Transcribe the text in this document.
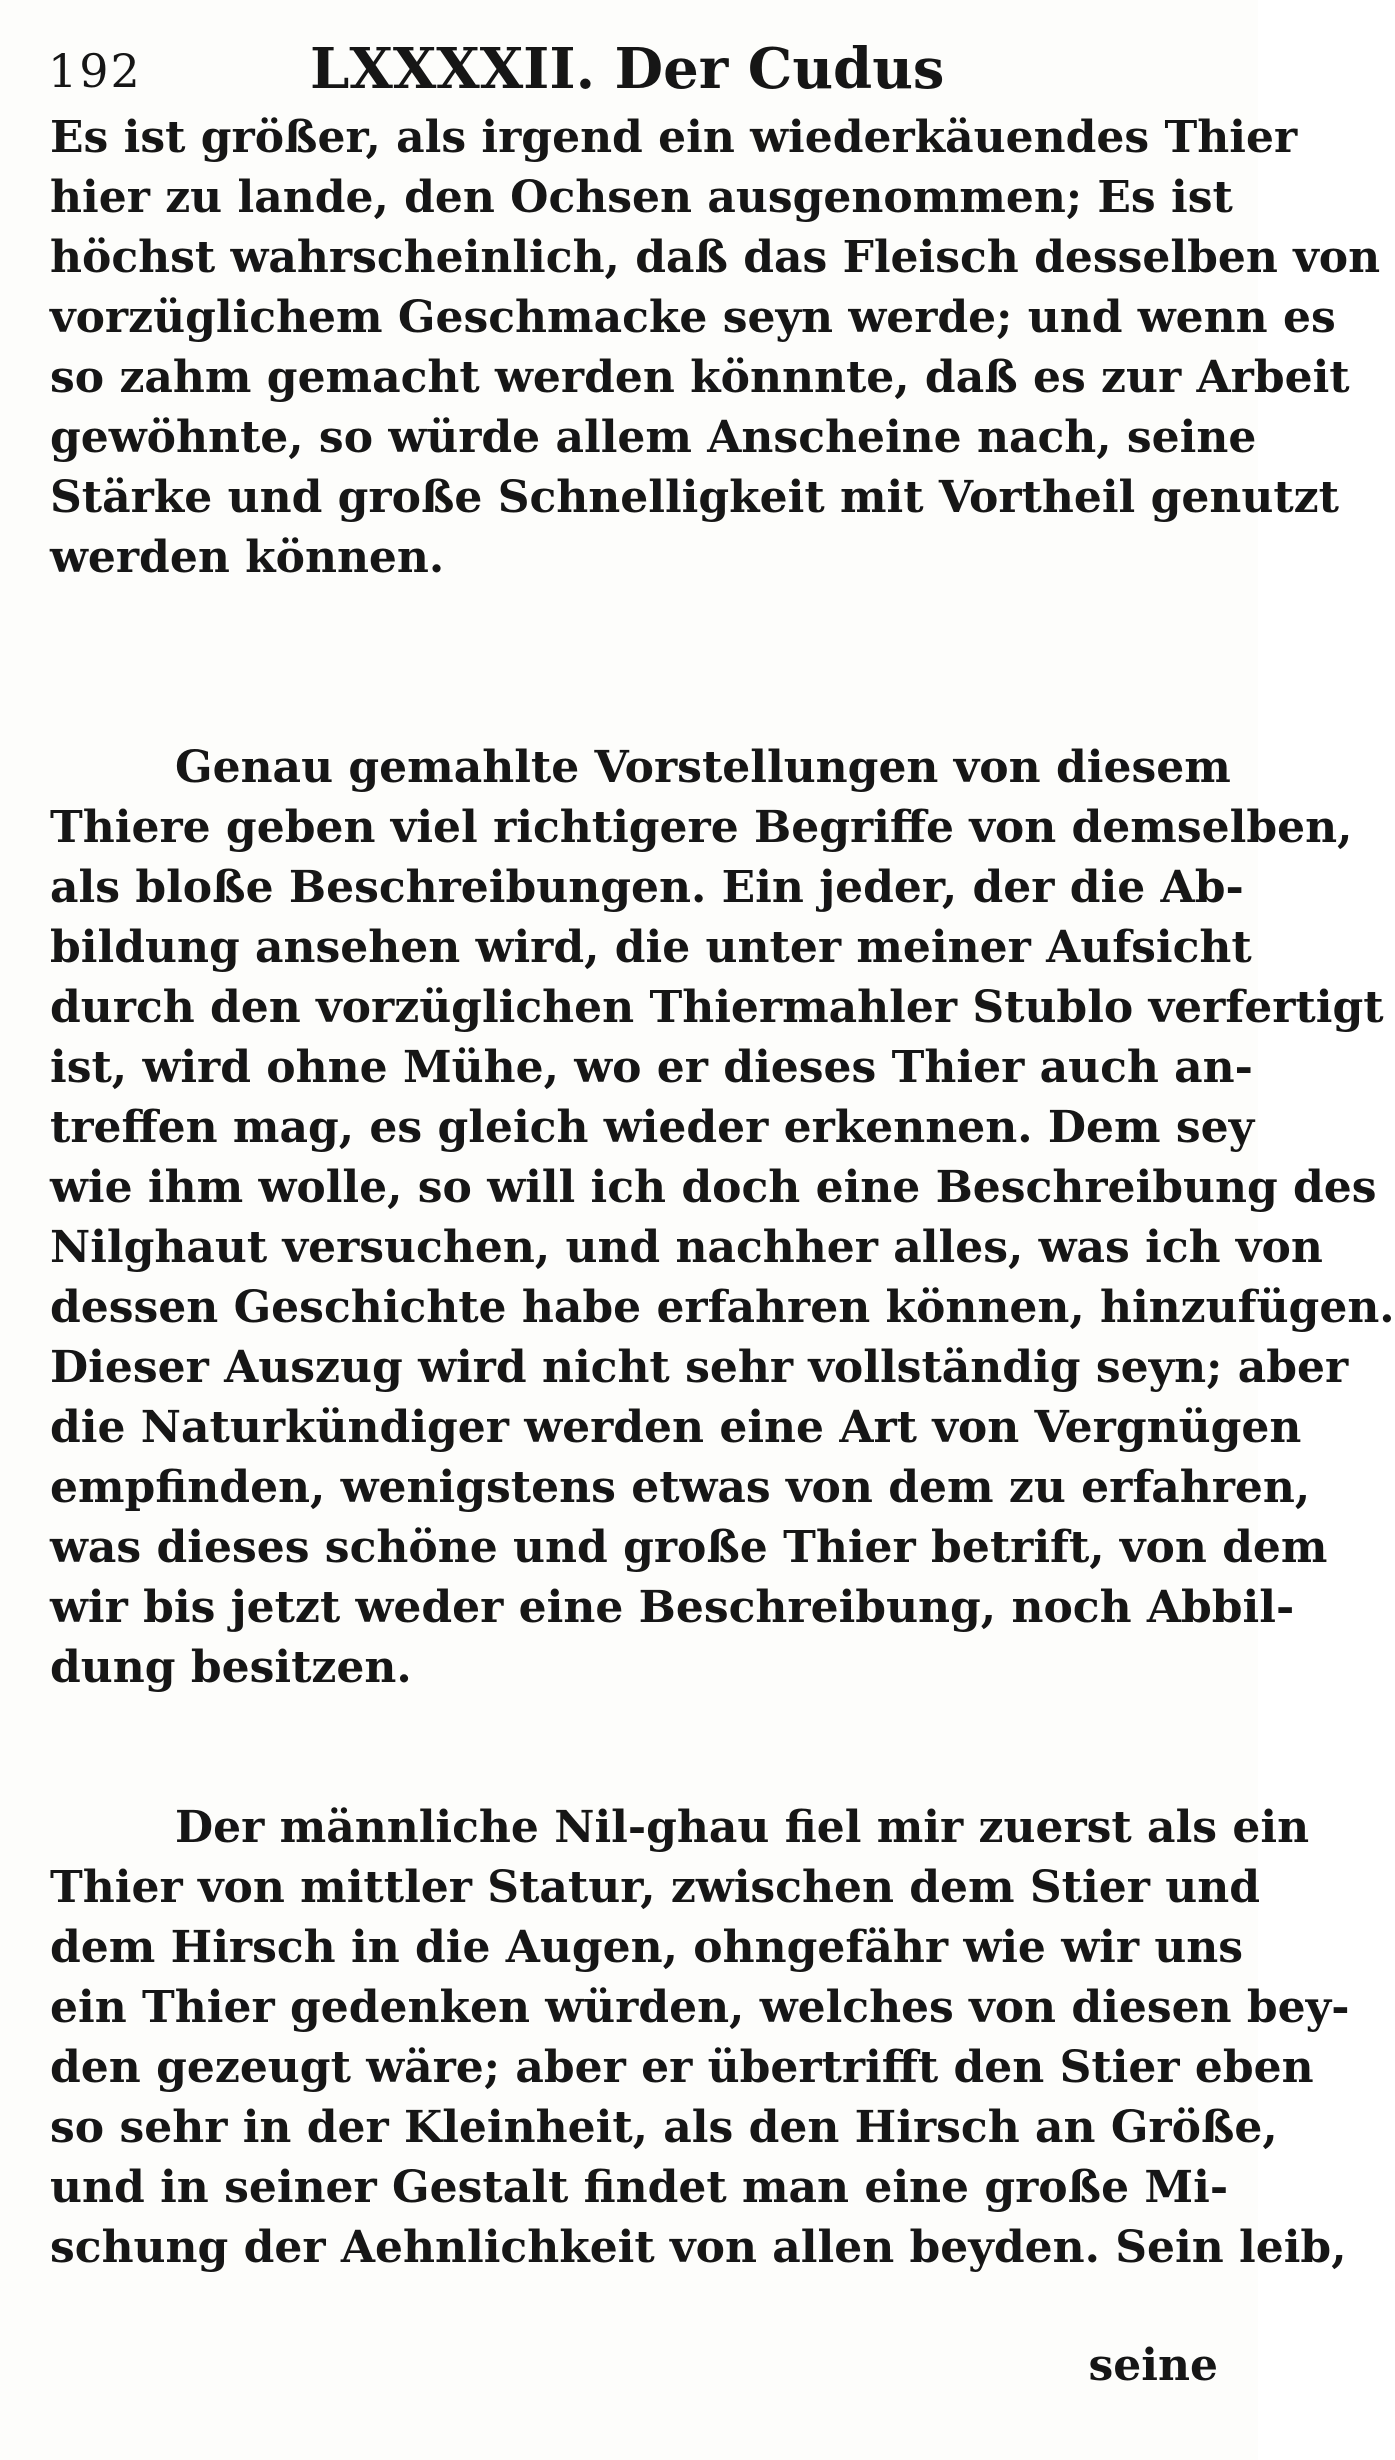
192	LXXXXII. Der Cudus
Es ist größer, als irgend ein wiederkäuendes Thier
hier zu lande, den Ochsen ausgenommen; Es ist
höchst wahrscheinlich, daß das Fleisch desselben von
vorzüglichem Geschmacke seyn werde; und wenn es
so zahm gemacht werden könnnte, daß es zur Arbeit
gewöhnte, so würde allem Anscheine nach, seine
Stärke und große Schnelligkeit mit Vortheil genutzt
werden können.
Genau gemahlte Vorstellungen von diesem
Thiere geben viel richtigere Begriffe von demselben,
als bloße Beschreibungen. Ein jeder, der die Ab-
bildung ansehen wird, die unter meiner Aufsicht
durch den vorzüglichen Thiermahler Stublo verfertigt
ist, wird ohne Mühe, wo er dieses Thier auch an-
treffen mag, es gleich wieder erkennen. Dem sey
wie ihm wolle, so will ich doch eine Beschreibung des
Nilghaut versuchen, und nachher alles, was ich von
dessen Geschichte habe erfahren können, hinzufügen.
Dieser Auszug wird nicht sehr vollständig seyn; aber
die Naturkündiger werden eine Art von Vergnügen
empfinden, wenigstens etwas von dem zu erfahren,
was dieses schöne und große Thier betrift, von dem
wir bis jetzt weder eine Beschreibung, noch Abbil-
dung besitzen.
Der männliche Nil-ghau fiel mir zuerst als ein
Thier von mittler Statur, zwischen dem Stier und
dem Hirsch in die Augen, ohngefähr wie wir uns
ein Thier gedenken würden, welches von diesen bey-
den gezeugt wäre; aber er übertrifft den Stier eben
so sehr in der Kleinheit, als den Hirsch an Größe,
und in seiner Gestalt findet man eine große Mi-
schung der Aehnlichkeit von allen beyden. Sein leib,
seine
